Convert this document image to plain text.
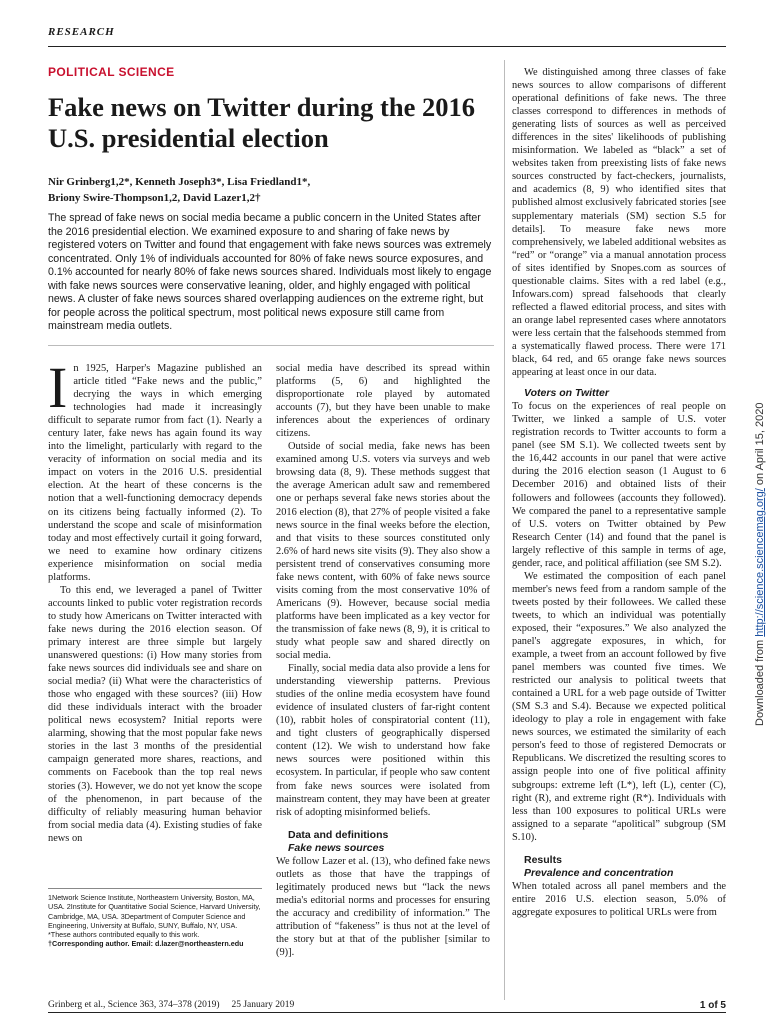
RESEARCH
POLITICAL SCIENCE
Fake news on Twitter during the 2016 U.S. presidential election
Nir Grinberg1,2*, Kenneth Joseph3*, Lisa Friedland1*,
Briony Swire-Thompson1,2, David Lazer1,2†

The spread of fake news on social media became a public concern in the United States after the 2016 presidential election. We examined exposure to and sharing of fake news by registered voters on Twitter and found that engagement with fake news sources was extremely concentrated. Only 1% of individuals accounted for 80% of fake news source exposures, and 0.1% accounted for nearly 80% of fake news sources shared. Individuals most likely to engage with fake news sources were conservative leaning, older, and highly engaged with political news. A cluster of fake news sources shared overlapping audiences on the extreme right, but for people across the political spectrum, most political news exposure still came from mainstream media outlets.

I n 1925, Harper's Magazine published an article titled “Fake news and the public,” decrying the ways in which emerging technologies had made it increasingly difficult to separate rumor from fact (1). Nearly a century later, fake news has again found its way into the limelight, particularly with regard to the veracity of information on social media and its impact on voters in the 2016 U.S. presidential election. At the heart of these concerns is the notion that a well-functioning democracy depends on its citizens being factually informed (2). To understand the scope and scale of misinformation today and most effectively curtail it going forward, we need to examine how ordinary citizens experience misinformation on social media platforms.

To this end, we leveraged a panel of Twitter accounts linked to public voter registration records to study how Americans on Twitter interacted with fake news during the 2016 election season. Of primary interest are three simple but largely unanswered questions: (i) How many stories from fake news sources did individuals see and share on social media? (ii) What were the characteristics of those who engaged with these sources? (iii) How did these individuals interact with the broader political news ecosystem? Initial reports were alarming, showing that the most popular fake news stories in the last 3 months of the presidential campaign generated more shares, reactions, and comments on Facebook than the top real news stories (3). However, we do not yet know the scope of the phenomenon, in part because of the difficulty of reliably measuring human behavior from social media data (4). Existing studies of fake news on

social media have described its spread within platforms (5, 6) and highlighted the disproportionate role played by automated accounts (7), but they have been unable to make inferences about the experiences of ordinary citizens.

Outside of social media, fake news has been examined among U.S. voters via surveys and web browsing data (8, 9). These methods suggest that the average American adult saw and remembered one or perhaps several fake news stories about the 2016 election (8), that 27% of people visited a fake news source in the final weeks before the election, and that visits to these sources constituted only 2.6% of hard news site visits (9). They also show a persistent trend of conservatives consuming more fake news content, with 60% of fake news source visits coming from the most conservative 10% of Americans (9). However, because social media platforms have been implicated as a key vector for the transmission of fake news (8, 9), it is critical to study what people saw and shared directly on social media.

Finally, social media data also provide a lens for understanding viewership patterns. Previous studies of the online media ecosystem have found evidence of insulated clusters of far-right content (10), rabbit holes of conspiratorial content (11), and tight clusters of geographically dispersed content (12). We wish to understand how fake news sources were positioned within this ecosystem. In particular, if people who saw content from fake news sources were isolated from mainstream content, they may have been at greater risk of adopting misinformed beliefs.

Data and definitions

Fake news sources

We follow Lazer et al. (13), who defined fake news outlets as those that have the trappings of legitimately produced news but “lack the news media's editorial norms and processes for ensuring the accuracy and credibility of information.” The attribution of “fakeness” is thus not at the level of the story but at that of the publisher [similar to (9)].

We distinguished among three classes of fake news sources to allow comparisons of different operational definitions of fake news. The three classes correspond to differences in methods of generating lists of sources as well as perceived differences in the sites' likelihoods of publishing misinformation. We labeled as “black” a set of websites taken from preexisting lists of fake news sources constructed by fact-checkers, journalists, and academics (8, 9) who identified sites that published almost exclusively fabricated stories [see supplementary materials (SM) section S.5 for details]. To measure fake news more comprehensively, we labeled additional websites as “red” or “orange” via a manual annotation process of sites identified by Snopes.com as sources of questionable claims. Sites with a red label (e.g., Infowars.com) spread falsehoods that clearly reflected a flawed editorial process, and sites with an orange label represented cases where annotators were less certain that the falsehoods stemmed from a systematically flawed process. There were 171 black, 64 red, and 65 orange fake news sources appearing at least once in our data.

Voters on Twitter

To focus on the experiences of real people on Twitter, we linked a sample of U.S. voter registration records to Twitter accounts to form a panel (see SM S.1). We collected tweets sent by the 16,442 accounts in our panel that were active during the 2016 election season (1 August to 6 December 2016) and obtained lists of their followers and followees (accounts they followed). We compared the panel to a representative sample of U.S. voters on Twitter obtained by Pew Research Center (14) and found that the panel is largely reflective of this sample in terms of age, gender, race, and political affiliation (see SM S.2).

We estimated the composition of each panel member's news feed from a random sample of the tweets posted by their followees. We called these tweets, to which an individual was potentially exposed, their “exposures.” We also analyzed the panel's aggregate exposures, in which, for example, a tweet from an account followed by five panel members was counted five times. We restricted our analysis to political tweets that contained a URL for a web page outside of Twitter (SM S.3 and S.4). Because we expected political ideology to play a role in engagement with fake news sources, we estimated the similarity of each person's feed to those of registered Democrats or Republicans. We discretized the resulting scores to assign people into one of five political affinity subgroups: extreme left (L*), left (L), center (C), right (R), and extreme right (R*). Individuals with less than 100 exposures to political URLs were assigned to a separate “apolitical” subgroup (SM S.10).

Results

Prevalence and concentration

When totaled across all panel members and the entire 2016 U.S. election season, 5.0% of aggregate exposures to political URLs were from

1Network Science Institute, Northeastern University, Boston, MA, USA. 2Institute for Quantitative Social Science, Harvard University, Cambridge, MA, USA. 3Department of Computer Science and Engineering, University at Buffalo, SUNY, Buffalo, NY, USA.
*These authors contributed equally to this work.
†Corresponding author. Email: d.lazer@northeastern.edu
Grinberg et al., Science 363, 374–378 (2019)     25 January 2019	1 of 5
Downloaded from http://science.sciencemag.org/ on April 15, 2020
